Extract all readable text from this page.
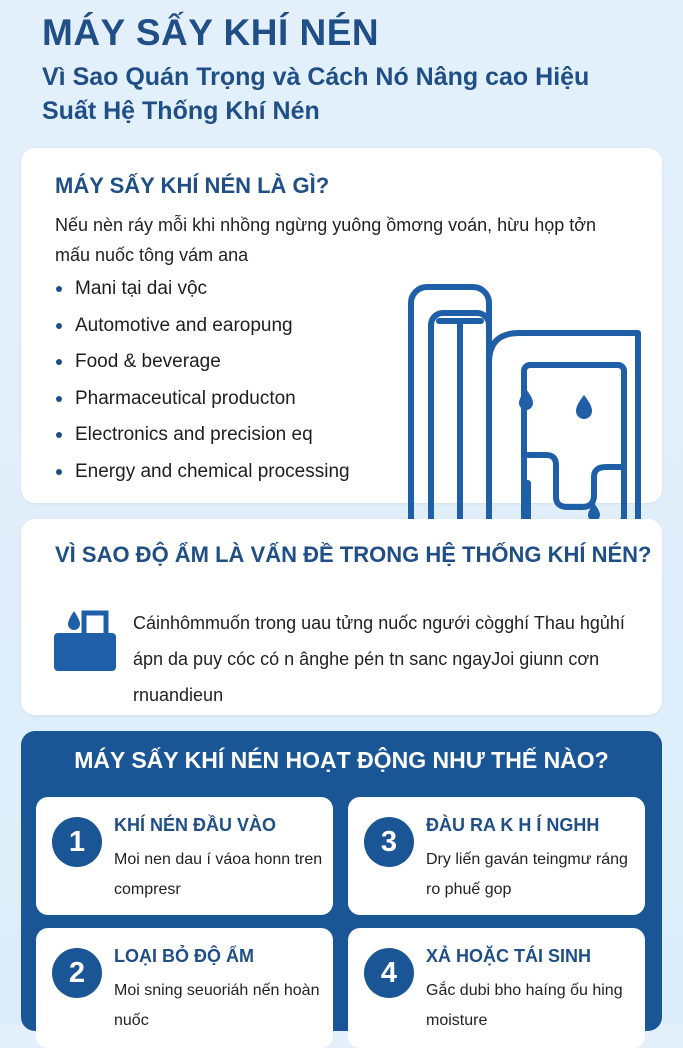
MÁY SẤY KHÍ NÉN

Vì Sao Quán Trọng và Cách Nó Nâng cao Hiệu Suất Hệ Thống Khí Nén

MÁY SẤY KHÍ NÉN LÀ GÌ?

Nếu nèn ráy mỗi khi nhồng ngừng yuông ồmơng voán, hừu họp tởn mấu nuốc tông vám ana

Mani tại dai vộc
Automotive and earopung
Food & beverage
Pharmaceutical producton
Electronics and precision eq
Energy and chemical processing
VÌ SAO ĐỘ ẨM LÀ VẤN ĐỀ TRONG HỆ THỐNG KHÍ NÉN?

Cáinhômmuốn trong uau tửng nuốc ngưới cògghí Thau hgủhí ápn da puy cóc có n ânghe pén tn sanc ngayJoi giunn cơn rnuandieun

MÁY SẤY KHÍ NÉN HOẠT ĐỘNG NHƯ THẾ NÀO?
1
KHÍ NÉN ĐẦU VÀO

Moi nen dau í váoa honn tren compresr

3
ĐÀU RA K H Í NGHH

Dry liến gaván teingmư ráng ro phuế gop

2
LOẠI BỎ ĐỘ ẨM

Moi sning seuoriáh nến hoàn nuốc

4
XẢ HOẶC TÁI SINH

Gắc dubi bho haíng ốu hing moisture
